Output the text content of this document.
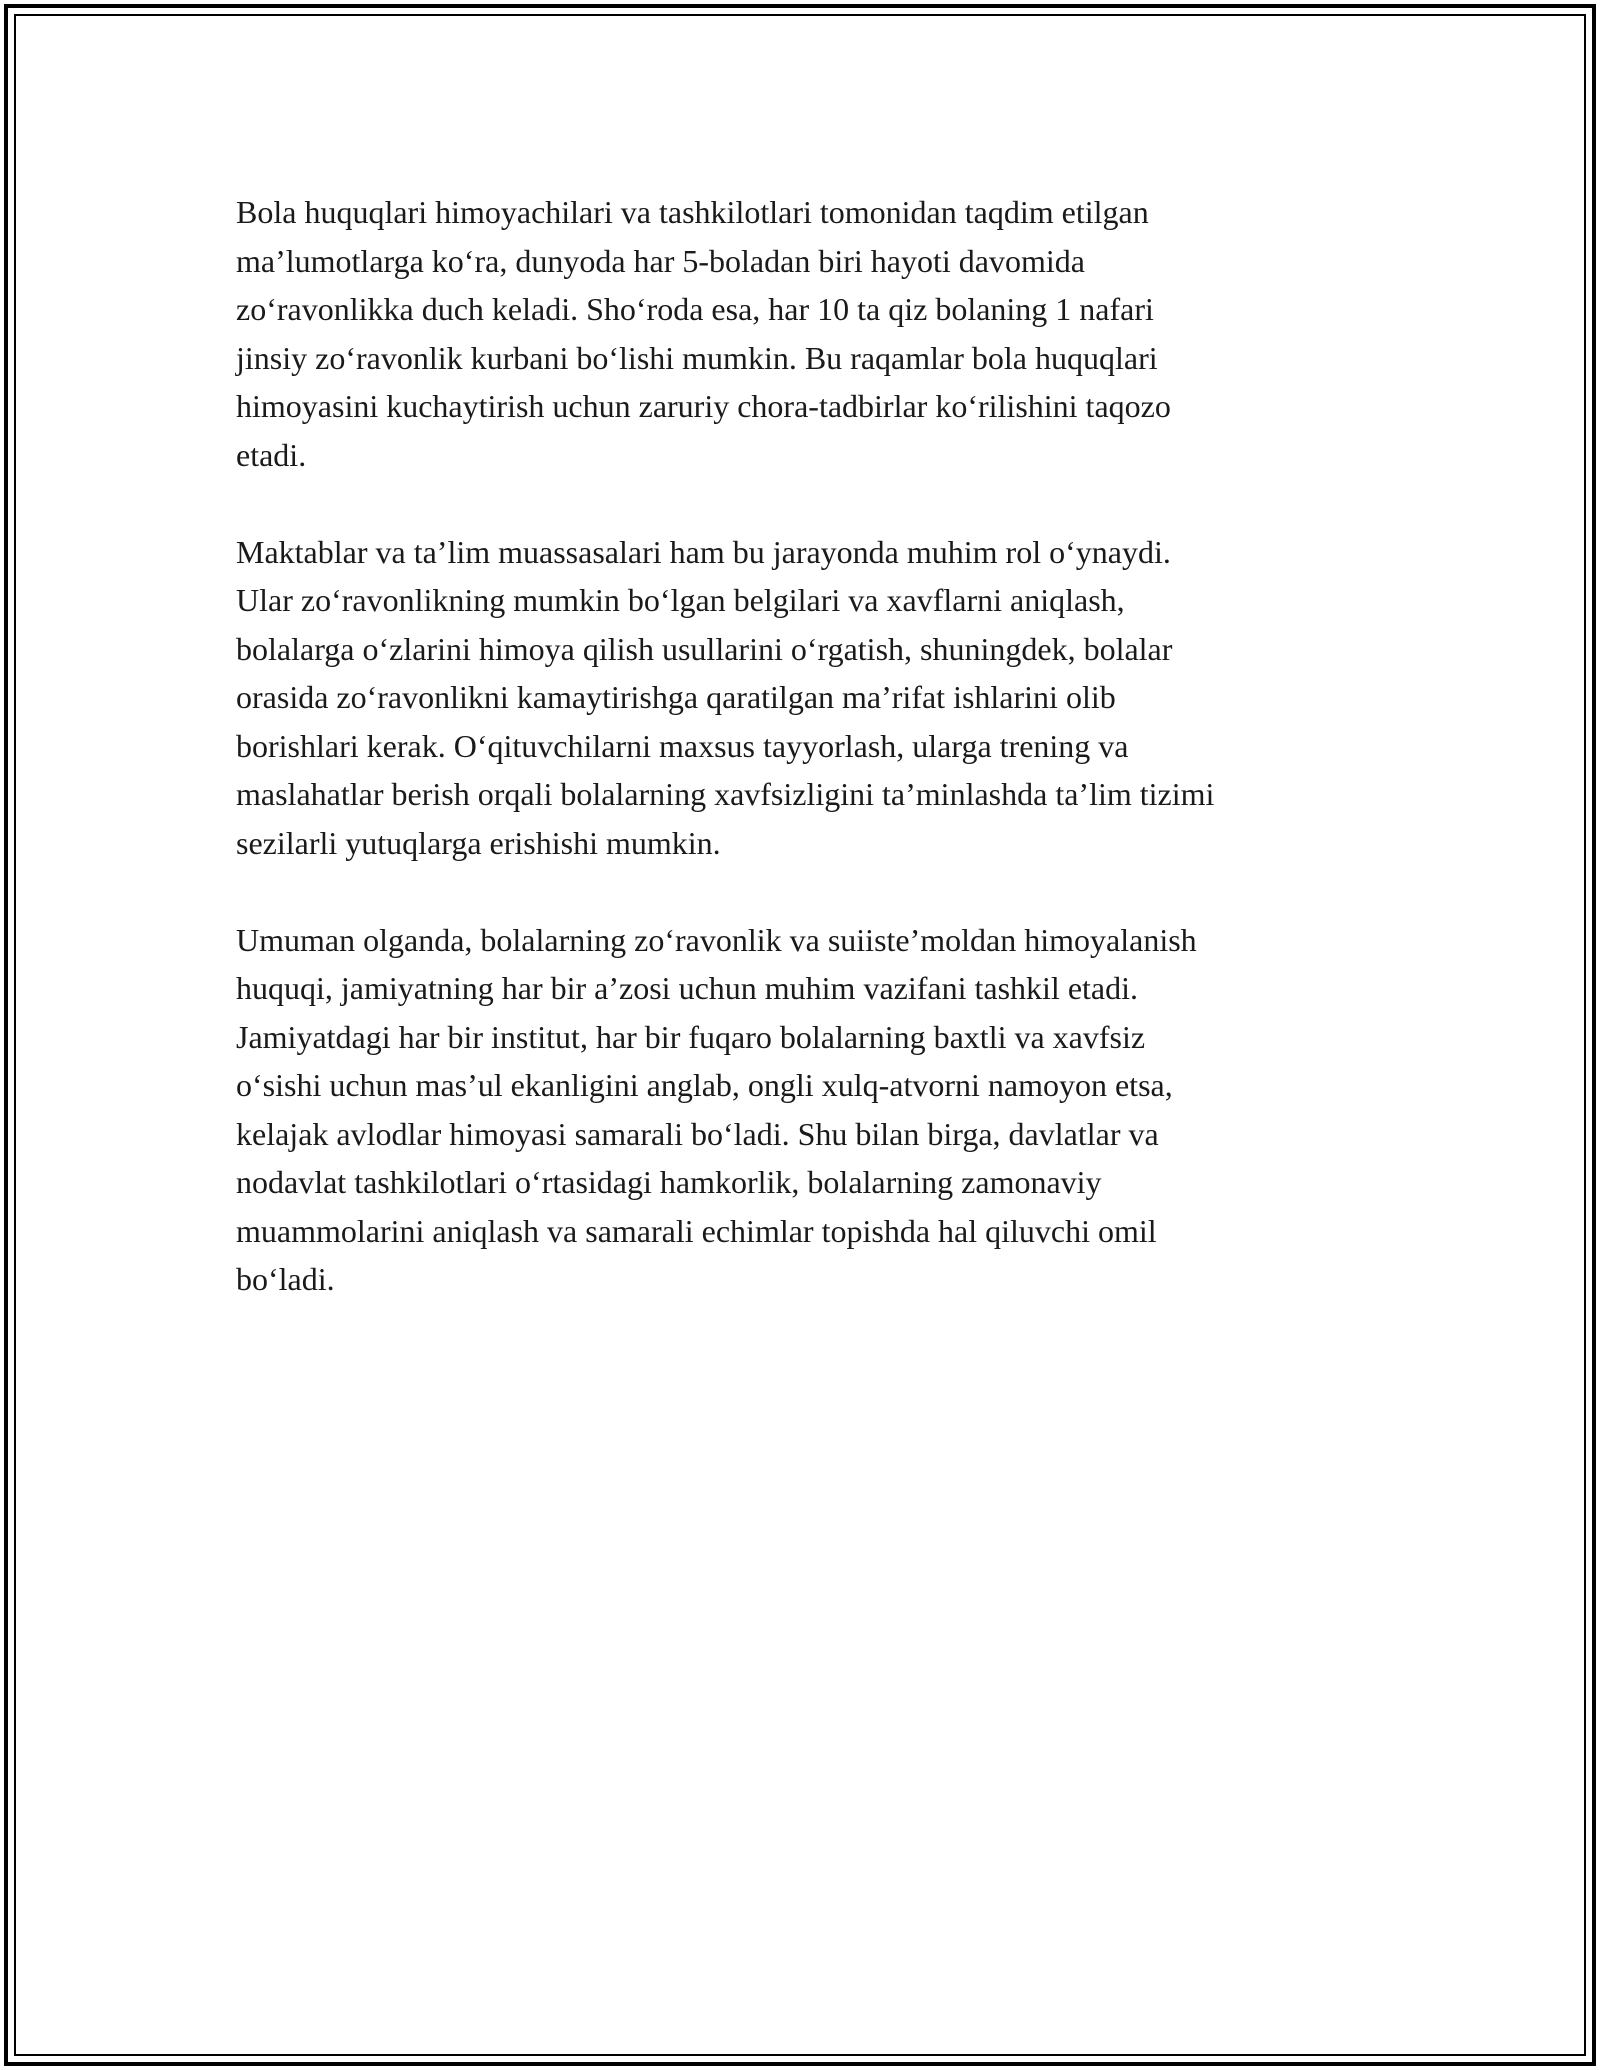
Bola huquqlari himoyachilari va tashkilotlari tomonidan taqdim etilgan
ma’lumotlarga ko‘ra, dunyoda har 5-boladan biri hayoti davomida
zo‘ravonlikka duch keladi. Sho‘roda esa, har 10 ta qiz bolaning 1 nafari
jinsiy zo‘ravonlik kurbani bo‘lishi mumkin. Bu raqamlar bola huquqlari
himoyasini kuchaytirish uchun zaruriy chora-tadbirlar ko‘rilishini taqozo
etadi.

Maktablar va ta’lim muassasalari ham bu jarayonda muhim rol o‘ynaydi.
Ular zo‘ravonlikning mumkin bo‘lgan belgilari va xavflarni aniqlash,
bolalarga o‘zlarini himoya qilish usullarini o‘rgatish, shuningdek, bolalar
orasida zo‘ravonlikni kamaytirishga qaratilgan ma’rifat ishlarini olib
borishlari kerak. O‘qituvchilarni maxsus tayyorlash, ularga trening va
maslahatlar berish orqali bolalarning xavfsizligini ta’minlashda ta’lim tizimi
sezilarli yutuqlarga erishishi mumkin.

Umuman olganda, bolalarning zo‘ravonlik va suiiste’moldan himoyalanish
huquqi, jamiyatning har bir a’zosi uchun muhim vazifani tashkil etadi.
Jamiyatdagi har bir institut, har bir fuqaro bolalarning baxtli va xavfsiz
o‘sishi uchun mas’ul ekanligini anglab, ongli xulq-atvorni namoyon etsa,
kelajak avlodlar himoyasi samarali bo‘ladi. Shu bilan birga, davlatlar va
nodavlat tashkilotlari o‘rtasidagi hamkorlik, bolalarning zamonaviy
muammolarini aniqlash va samarali echimlar topishda hal qiluvchi omil
bo‘ladi.
